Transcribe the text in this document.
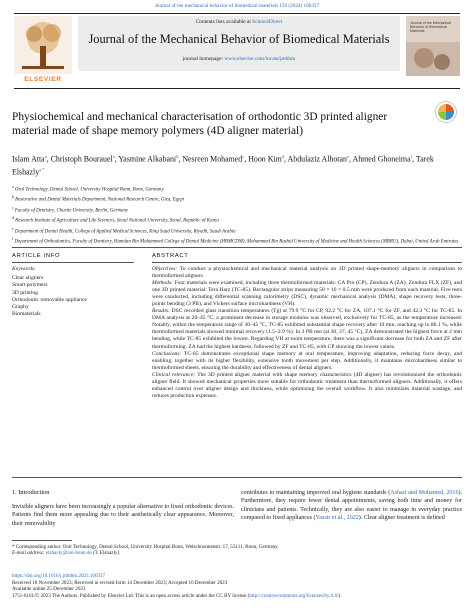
Journal of the mechanical behavior of biomedical materials 150 (2024) 106337
ELSEVIER
Contents lists available at ScienceDirect
Journal of the Mechanical Behavior of Biomedical Materials
journal homepage: www.elsevier.com/locate/jmbbm
Journal of the Mechanical Behavior of Biomedical Materials
Physiochemical and mechanical characterisation of orthodontic 3D printed aligner material made of shape memory polymers (4D aligner material)
Islam Atta$^a$, Christoph Bourauel$^a$, Yasmine Alkabani$^b$, Nesreen Mohamed$^c$, Hoon Kim$^d$, Abdulaziz Alhotan$^e$, Ahmed Ghoneima$^f$, Tarek Elshazly$^{a,*}$
$^a$ Oral Technology, Dental School, University Hospital Bonn, Bonn, Germany
$^b$ Restorative and Dental Materials Department, National Research Centre, Giza, Egypt
$^c$ Faculty of Dentistry, Charite University, Berlin, Germany
$^d$ Research Institute of Agriculture and Life Sciences, Seoul National University, Seoul, Republic of Korea
$^e$ Department of Dental Health, College of Applied Medical Sciences, King Saud University, Riyadh, Saudi Arabia
$^f$ Department of Orthodontics, Faculty of Dentistry, Hamdan Bin Mohammed College of Dental Medicine (HBMCDM), Mohammed Bin Rashid University of Medicine and Health Sciences (MBRU), Dubai, United Arab Emirates
ARTICLE INFO
Keywords:
Clear aligners
Smart polymers
3D printing
Orthodontic removable appliance
Graphy
Biomaterials
ABSTRACT

Objectives: To conduct a physiochemical and mechanical material analysis on 3D printed shape-memory aligners in comparison to thermoformed aligners.

Methods: Four materials were examined, including three thermoformed materials: CA Pro (CP), Zendura A (ZA), Zendura FLX (ZF), and one 3D printed material: Tera Harz (TC-85). Rectangular strips measuring 50 × 10 × 0.5 mm were produced from each material. Five tests were conducted, including differential scanning calorimetry (DSC), dynamic mechanical analysis (DMA), shape recovery tests, three-points bending (3 PB), and Vickers surface microhardness (VH).

Results: DSC recorded glass transition temperatures (Tg) at 79.9 °C for CP, 92.2 °C for ZA, 107.1 °C for ZF, and 42.3 °C for TC-85. In DMA analysis at 20–45 °C, a prominent decrease in storage modulus was observed, exclusively for TC-85, as the temperature increased. Notably, within the temperature range of 30–45 °C, TC-85 exhibited substantial shape recovery after 10 min, reaching up to 86.1 %, while thermoformed materials showed minimal recovery (1.5–2.9 %). In 3 PB test (at 30, 37, 45 °C), ZA demonstrated the highest force at 2 mm bending, while TC-85 exhibited the lowest. Regarding VH at room temperature, there was a significant decrease for both ZA and ZF after thermoforming. ZA had the highest hardness, followed by ZF and TC-85, with CP showing the lowest values.

Conclusions: TC-85 demonstrates exceptional shape memory at oral temperature, improving adaptation, reducing force decay, and enabling, together with its higher flexibility, extensive tooth movement per step. Additionally, it maintains microhardness similar to thermoformed sheets, ensuring the durability and effectiveness of dental aligners.

Clinical relevance: The 3D printed aligner material with shape memory characteristics (4D aligner) has revolutionized the orthodontic aligner field. It showed mechanical properties more suitable for orthodontic treatment than thermoformed aligners. Additionally, it offers enhanced control over aligner design and thickness, while optimizing the overall workflow. It also minimizes material wastage, and reduces production expenses.

1. Introduction
Invisible aligners have been increasingly a popular alternative to fixed orthodontic devices. Patients find them more appealing due to their aesthetically clear appearance. Moreover, their removability
contributes to maintaining improved oral hygiene standards (Ashari and Mohamed, 2016). Furthermore, they require fewer dental appointments, saving both time and money for clinicians and patients. Technically, they are also easier to manage in everyday practice compared to fixed appliances (Yassir et al., 2022). Clear aligner treatment is defined
* Corresponding author. Oral Technology, Dental School, University Hospital Bonn, Welschnonnenstr. 17, 53111, Bonn, Germany.
E-mail address: elshazly@uni-bonn.de (T. Elshazly).
https://doi.org/10.1016/j.jmbbm.2023.106337
Received 18 November 2023; Received in revised form 14 December 2023; Accepted 16 December 2023
Available online 25 December 2023
1751-6161/© 2023 The Authors. Published by Elsevier Ltd. This is an open access article under the CC BY license (http://creativecommons.org/licenses/by/4.0/).
